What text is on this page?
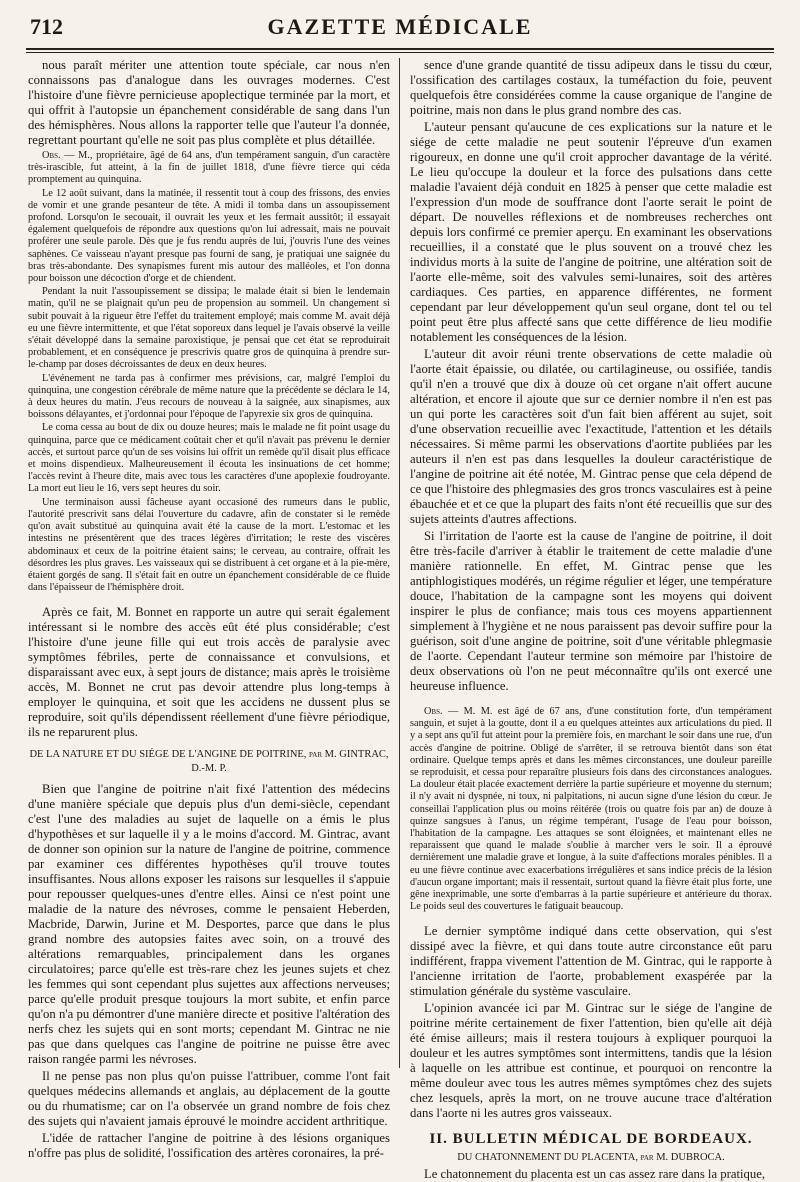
712	GAZETTE MÉDICALE

nous paraît mériter une attention toute spéciale, car nous n'en connaissons pas d'analogue dans les ouvrages modernes. C'est l'histoire d'une fièvre pernicieuse apoplectique terminée par la mort, et qui offrit à l'autopsie un épanchement considérable de sang dans l'un des hémisphères. Nous allons la rapporter telle que l'auteur l'a donnée, regrettant pourtant qu'elle ne soit pas plus complète et plus détaillée.

Obs. — M., propriétaire, âgé de 64 ans, d'un tempérament sanguin, d'un caractère très-irascible, fut atteint, à la fin de juillet 1818, d'une fièvre tierce qui céda promptement au quinquina.

Le 12 août suivant, dans la matinée, il ressentit tout à coup des frissons, des envies de vomir et une grande pesanteur de tête. A midi il tomba dans un assoupissement profond. Lorsqu'on le secouait, il ouvrait les yeux et les fermait aussitôt; il essayait également quelquefois de répondre aux questions qu'on lui adressait, mais ne pouvait proférer une seule parole. Dès que je fus rendu auprès de lui, j'ouvris l'une des veines saphènes. Ce vaisseau n'ayant presque pas fourni de sang, je pratiquai une saignée du bras très-abondante. Des synapismes furent mis autour des malléoles, et l'on donna pour boisson une décoction d'orge et de chiendent.

Pendant la nuit l'assoupissement se dissipa; le malade était si bien le lendemain matin, qu'il ne se plaignait qu'un peu de propension au sommeil. Un changement si subit pouvait à la rigueur être l'effet du traitement employé; mais comme M. avait déjà eu une fièvre intermittente, et que l'état soporeux dans lequel je l'avais observé la veille s'était développé dans la semaine paroxistique, je pensai que cet état se reproduirait probablement, et en conséquence je prescrivis quatre gros de quinquina à prendre sur-le-champ par doses décroissantes de deux en deux heures.

L'événement ne tarda pas à confirmer mes prévisions, car, malgré l'emploi du quinquina, une congestion cérébrale de même nature que la précédente se déclara le 14, à deux heures du matin. J'eus recours de nouveau à la saignée, aux sinapismes, aux boissons délayantes, et j'ordonnai pour l'époque de l'apyrexie six gros de quinquina.

Le coma cessa au bout de dix ou douze heures; mais le malade ne fit point usage du quinquina, parce que ce médicament coûtait cher et qu'il n'avait pas prévenu le dernier accès, et surtout parce qu'un de ses voisins lui offrit un remède qu'il disait plus efficace et moins dispendieux. Malheureusement il écouta les insinuations de cet homme; l'accès revint à l'heure dite, mais avec tous les caractères d'une apoplexie foudroyante. La mort eut lieu le 16, vers sept heures du soir.

Une terminaison aussi fâcheuse ayant occasioné des rumeurs dans le public, l'autorité prescrivit sans délai l'ouverture du cadavre, afin de constater si le remède qu'on avait substitué au quinquina avait été la cause de la mort. L'estomac et les intestins ne présentèrent que des traces légères d'irritation; le reste des viscères abdominaux et ceux de la poitrine étaient sains; le cerveau, au contraire, offrait les désordres les plus graves. Les vaisseaux qui se distribuent à cet organe et à la pie-mère, étaient gorgés de sang. Il s'était fait en outre un épanchement considérable de ce fluide dans l'épaisseur de l'hémisphère droit.

Après ce fait, M. Bonnet en rapporte un autre qui serait également intéressant si le nombre des accès eût été plus considérable; c'est l'histoire d'une jeune fille qui eut trois accès de paralysie avec symptômes fébriles, perte de connaissance et convulsions, et disparaissant avec eux, à sept jours de distance; mais après le troisième accès, M. Bonnet ne crut pas devoir attendre plus long-temps à employer le quinquina, et soit que les accidens ne dussent plus se reproduire, soit qu'ils dépendissent réellement d'une fièvre périodique, ils ne reparurent plus.

DE LA NATURE ET DU SIÉGE DE L'ANGINE DE POITRINE, par M. GINTRAC, D.-M. P.

Bien que l'angine de poitrine n'ait fixé l'attention des médecins d'une manière spéciale que depuis plus d'un demi-siècle, cependant c'est l'une des maladies au sujet de laquelle on a émis le plus d'hypothèses et sur laquelle il y a le moins d'accord. M. Gintrac, avant de donner son opinion sur la nature de l'angine de poitrine, commence par examiner ces différentes hypothèses qu'il trouve toutes insuffisantes. Nous allons exposer les raisons sur lesquelles il s'appuie pour repousser quelques-unes d'entre elles. Ainsi ce n'est point une maladie de la nature des névroses, comme le pensaient Heberden, Macbride, Darwin, Jurine et M. Desportes, parce que dans le plus grand nombre des autopsies faites avec soin, on a trouvé des altérations remarquables, principalement dans les organes circulatoires; parce qu'elle est très-rare chez les jeunes sujets et chez les femmes qui sont cependant plus sujettes aux affections nerveuses; parce qu'elle produit presque toujours la mort subite, et enfin parce qu'on n'a pu démontrer d'une manière directe et positive l'altération des nerfs chez les sujets qui en sont morts; cependant M. Gintrac ne nie pas que dans quelques cas l'angine de poitrine ne puisse être avec raison rangée parmi les névroses.

Il ne pense pas non plus qu'on puisse l'attribuer, comme l'ont fait quelques médecins allemands et anglais, au déplacement de la goutte ou du rhumatisme; car on l'a observée un grand nombre de fois chez des sujets qui n'avaient jamais éprouvé le moindre accident arthritique.

L'idée de rattacher l'angine de poitrine à des lésions organiques n'offre pas plus de solidité, l'ossification des artères coronaires, la pré-

sence d'une grande quantité de tissu adipeux dans le tissu du cœur, l'ossification des cartilages costaux, la tuméfaction du foie, peuvent quelquefois être considérées comme la cause organique de l'angine de poitrine, mais non dans le plus grand nombre des cas.

L'auteur pensant qu'aucune de ces explications sur la nature et le siége de cette maladie ne peut soutenir l'épreuve d'un examen rigoureux, en donne une qu'il croit approcher davantage de la vérité. Le lieu qu'occupe la douleur et la force des pulsations dans cette maladie l'avaient déjà conduit en 1825 à penser que cette maladie est l'expression d'un mode de souffrance dont l'aorte serait le point de départ. De nouvelles réflexions et de nombreuses recherches ont depuis lors confirmé ce premier aperçu. En examinant les observations recueillies, il a constaté que le plus souvent on a trouvé chez les individus morts à la suite de l'angine de poitrine, une altération soit de l'aorte elle-même, soit des valvules semi-lunaires, soit des artères cardiaques. Ces parties, en apparence différentes, ne forment cependant par leur développement qu'un seul organe, dont tel ou tel point peut être plus affecté sans que cette différence de lieu modifie notablement les conséquences de la lésion.

L'auteur dit avoir réuni trente observations de cette maladie où l'aorte était épaissie, ou dilatée, ou cartilagineuse, ou ossifiée, tandis qu'il n'en a trouvé que dix à douze où cet organe n'ait offert aucune altération, et encore il ajoute que sur ce dernier nombre il n'en est pas un qui porte les caractères soit d'un fait bien afférent au sujet, soit d'une observation recueillie avec l'exactitude, l'attention et les détails nécessaires. Si même parmi les observations d'aortite publiées par les auteurs il n'en est pas dans lesquelles la douleur caractéristique de l'angine de poitrine ait été notée, M. Gintrac pense que cela dépend de ce que l'histoire des phlegmasies des gros troncs vasculaires est à peine ébauchée et et ce que la plupart des faits n'ont été recueillis que sur des sujets atteints d'autres affections.

Si l'irritation de l'aorte est la cause de l'angine de poitrine, il doit être très-facile d'arriver à établir le traitement de cette maladie d'une manière rationnelle. En effet, M. Gintrac pense que les antiphlogistiques modérés, un régime régulier et léger, une température douce, l'habitation de la campagne sont les moyens qui doivent inspirer le plus de confiance; mais tous ces moyens appartiennent simplement à l'hygiène et ne nous paraissent pas devoir suffire pour la guérison, soit d'une angine de poitrine, soit d'une véritable phlegmasie de l'aorte. Cependant l'auteur termine son mémoire par l'histoire de deux observations où l'on ne peut méconnaître qu'ils ont exercé une heureuse influence.

Obs. — M. M. est âgé de 67 ans, d'une constitution forte, d'un tempérament sanguin, et sujet à la goutte, dont il a eu quelques atteintes aux articulations du pied. Il y a sept ans qu'il fut atteint pour la première fois, en marchant le soir dans une rue, d'un accès d'angine de poitrine. Obligé de s'arrêter, il se retrouva bientôt dans son état ordinaire. Quelque temps après et dans les mêmes circonstances, une douleur pareille se reproduisit, et cessa pour reparaître plusieurs fois dans des circonstances analogues. La douleur était placée exactement derrière la partie supérieure et moyenne du sternum; il n'y avait ni dyspnée, ni toux, ni palpitations, ni aucun signe d'une lésion du cœur. Je conseillai l'application plus ou moins réitérée (trois ou quatre fois par an) de douze à quinze sangsues à l'anus, un régime tempérant, l'usage de l'eau pour boisson, l'habitation de la campagne. Les attaques se sont éloignées, et maintenant elles ne reparaissent que quand le malade s'oublie à marcher vers le soir. Il a éprouvé dernièrement une maladie grave et longue, à la suite d'affections morales pénibles. Il a eu une fièvre continue avec exacerbations irrégulières et sans indice précis de la lésion d'aucun organe important; mais il ressentait, surtout quand la fièvre était plus forte, une gêne inexprimable, une sorte d'embarras à la partie supérieure et antérieure du thorax. Le poids seul des couvertures le fatiguait beaucoup.

Le dernier symptôme indiqué dans cette observation, qui s'est dissipé avec la fièvre, et qui dans toute autre circonstance eût paru indifférent, frappa vivement l'attention de M. Gintrac, qui le rapporte à l'ancienne irritation de l'aorte, probablement exaspérée par la stimulation générale du système vasculaire.

L'opinion avancée ici par M. Gintrac sur le siége de l'angine de poitrine mérite certainement de fixer l'attention, bien qu'elle ait déjà été émise ailleurs; mais il restera toujours à expliquer pourquoi la douleur et les autres symptômes sont intermittens, tandis que la lésion à laquelle on les attribue est continue, et pourquoi on rencontre la même douleur avec tous les autres mêmes symptômes chez des sujets chez lesquels, après la mort, on ne trouve aucune trace d'altération dans l'aorte ni les autres gros vaisseaux.

II. BULLETIN MÉDICAL DE BORDEAUX.

DU CHATONNEMENT DU PLACENTA, par M. DUBROCA.

Le chatonnement du placenta est un cas assez rare dans la pratique,
